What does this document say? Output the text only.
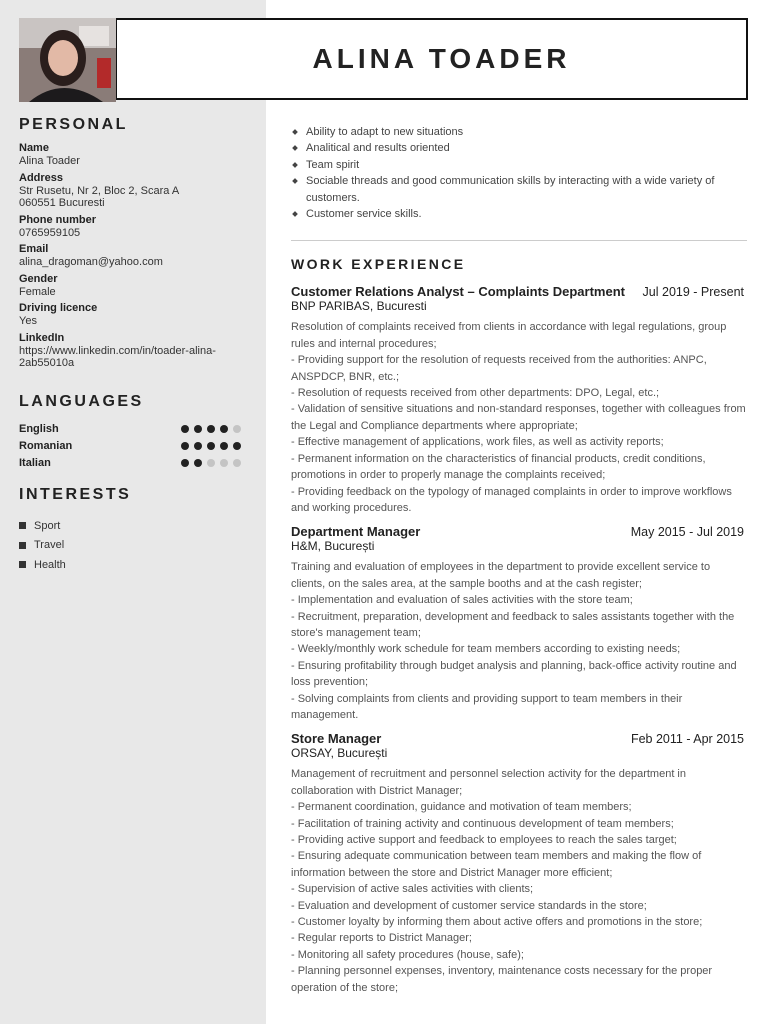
ALINA TOADER
PERSONAL
Name
Alina Toader
Address
Str Rusetu, Nr 2, Bloc 2, Scara A
060551 Bucuresti
Phone number
0765959105
Email
alina_dragoman@yahoo.com
Gender
Female
Driving licence
Yes
LinkedIn
https://www.linkedin.com/in/toader-alina-
2ab55010a
LANGUAGES
English
Romanian
Italian
INTERESTS
Sport
Travel
Health
Ability to adapt to new situations
Analitical and results oriented
Team spirit
Sociable threads and good communication skills by interacting with a wide variety of customers.
Customer service skills.
WORK EXPERIENCE
Customer Relations Analyst – Complaints Department Jul 2019 - Present
BNP PARIBAS, Bucuresti
Resolution of complaints received from clients in accordance with legal regulations, group rules and internal procedures;
- Providing support for the resolution of requests received from the authorities: ANPC, ANSPDCP, BNR, etc.;
- Resolution of requests received from other departments: DPO, Legal, etc.;
- Validation of sensitive situations and non-standard responses, together with colleagues from the Legal and Compliance departments where appropriate;
- Effective management of applications, work files, as well as activity reports;
- Permanent information on the characteristics of financial products, credit conditions, promotions in order to properly manage the complaints received;
- Providing feedback on the typology of managed complaints in order to improve workflows and working procedures.
Department Manager	May 2015 - Jul 2019
H&M, București
Training and evaluation of employees in the department to provide excellent service to clients, on the sales area, at the sample booths and at the cash register;
- Implementation and evaluation of sales activities with the store team;
- Recruitment, preparation, development and feedback to sales assistants together with the store's management team;
- Weekly/monthly work schedule for team members according to existing needs;
- Ensuring profitability through budget analysis and planning, back-office activity routine and loss prevention;
- Solving complaints from clients and providing support to team members in their management.
Store Manager	Feb 2011 - Apr 2015
ORSAY, București
Management of recruitment and personnel selection activity for the department in collaboration with District Manager;
- Permanent coordination, guidance and motivation of team members;
- Facilitation of training activity and continuous development of team members;
- Providing active support and feedback to employees to reach the sales target;
- Ensuring adequate communication between team members and making the flow of information between the store and District Manager more efficient;
- Supervision of active sales activities with clients;
- Evaluation and development of customer service standards in the store;
- Customer loyalty by informing them about active offers and promotions in the store;
- Regular reports to District Manager;
- Monitoring all safety procedures (house, safe);
- Planning personnel expenses, inventory, maintenance costs necessary for the proper operation of the store;
